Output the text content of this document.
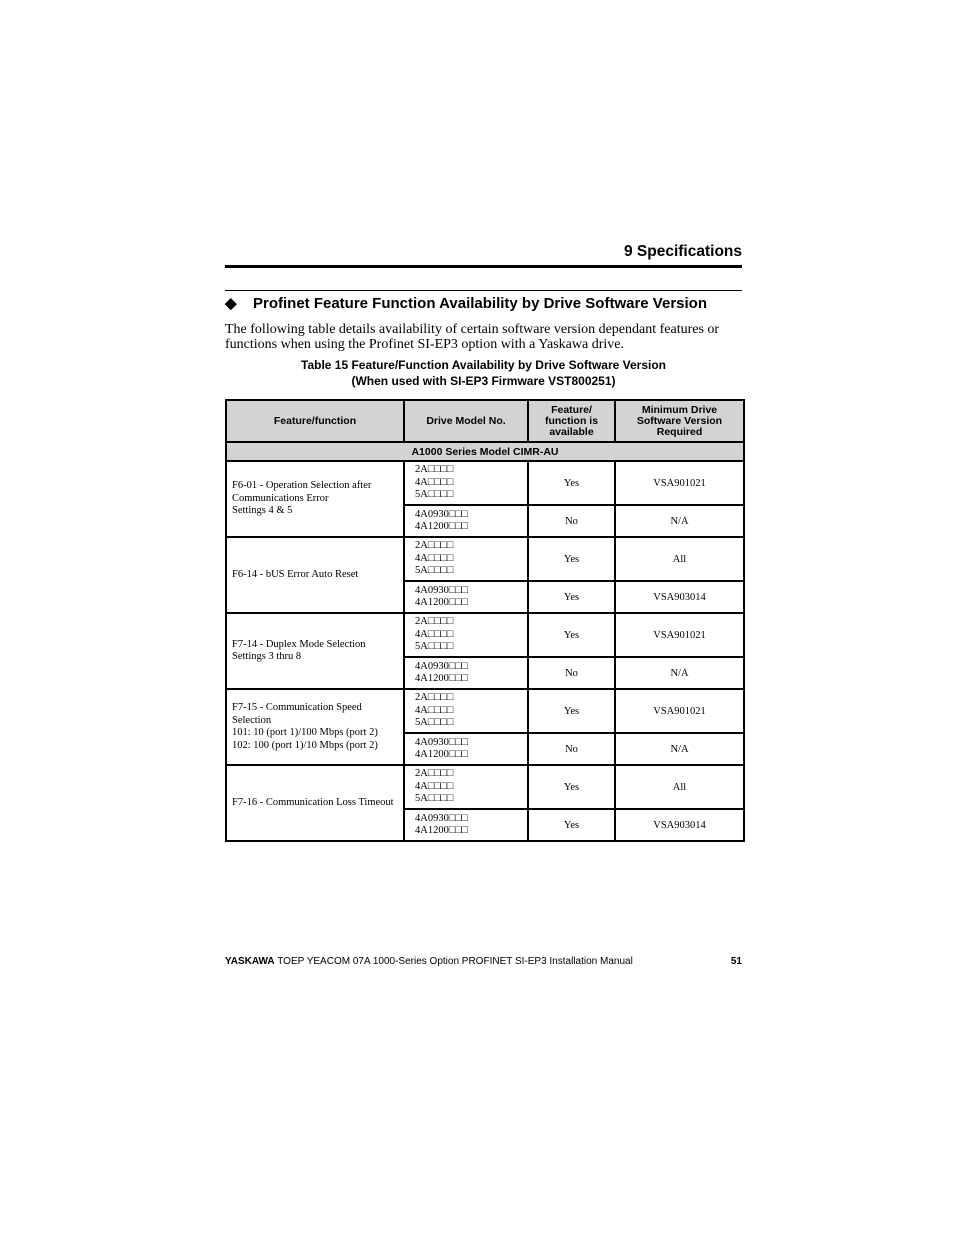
9 Specifications
◆ Profinet Feature Function Availability by Drive Software Version
The following table details availability of certain software version dependant features or functions when using the Profinet SI-EP3 option with a Yaskawa drive.
Table 15 Feature/Function Availability by Drive Software Version
(When used with SI-EP3 Firmware VST800251)
Feature/function	Drive Model No.	Feature/
function is
available	Minimum Drive
Software Version
Required

A1000 Series Model CIMR-AU			

F6-01 - Operation Selection after
Communications Error
Settings 4 & 5	2A□□□□
4A□□□□
5A□□□□	Yes	VSA901021

	4A0930□□□
4A1200□□□	No	N/A

F6-14 - bUS Error Auto Reset	2A□□□□
4A□□□□
5A□□□□	Yes	All

	4A0930□□□
4A1200□□□	Yes	VSA903014

F7-14 - Duplex Mode Selection
Settings 3 thru 8	2A□□□□
4A□□□□
5A□□□□	Yes	VSA901021

	4A0930□□□
4A1200□□□	No	N/A

F7-15 - Communication Speed
Selection
101: 10 (port 1)/100 Mbps (port 2)
102: 100 (port 1)/10 Mbps (port 2)	2A□□□□
4A□□□□
5A□□□□	Yes	VSA901021

	4A0930□□□
4A1200□□□	No	N/A

F7-16 - Communication Loss Timeout	2A□□□□
4A□□□□
5A□□□□	Yes	All

	4A0930□□□
4A1200□□□	Yes	VSA903014
YASKAWA TOEP YEACOM 07A 1000-Series Option PROFINET SI-EP3 Installation Manual	51
